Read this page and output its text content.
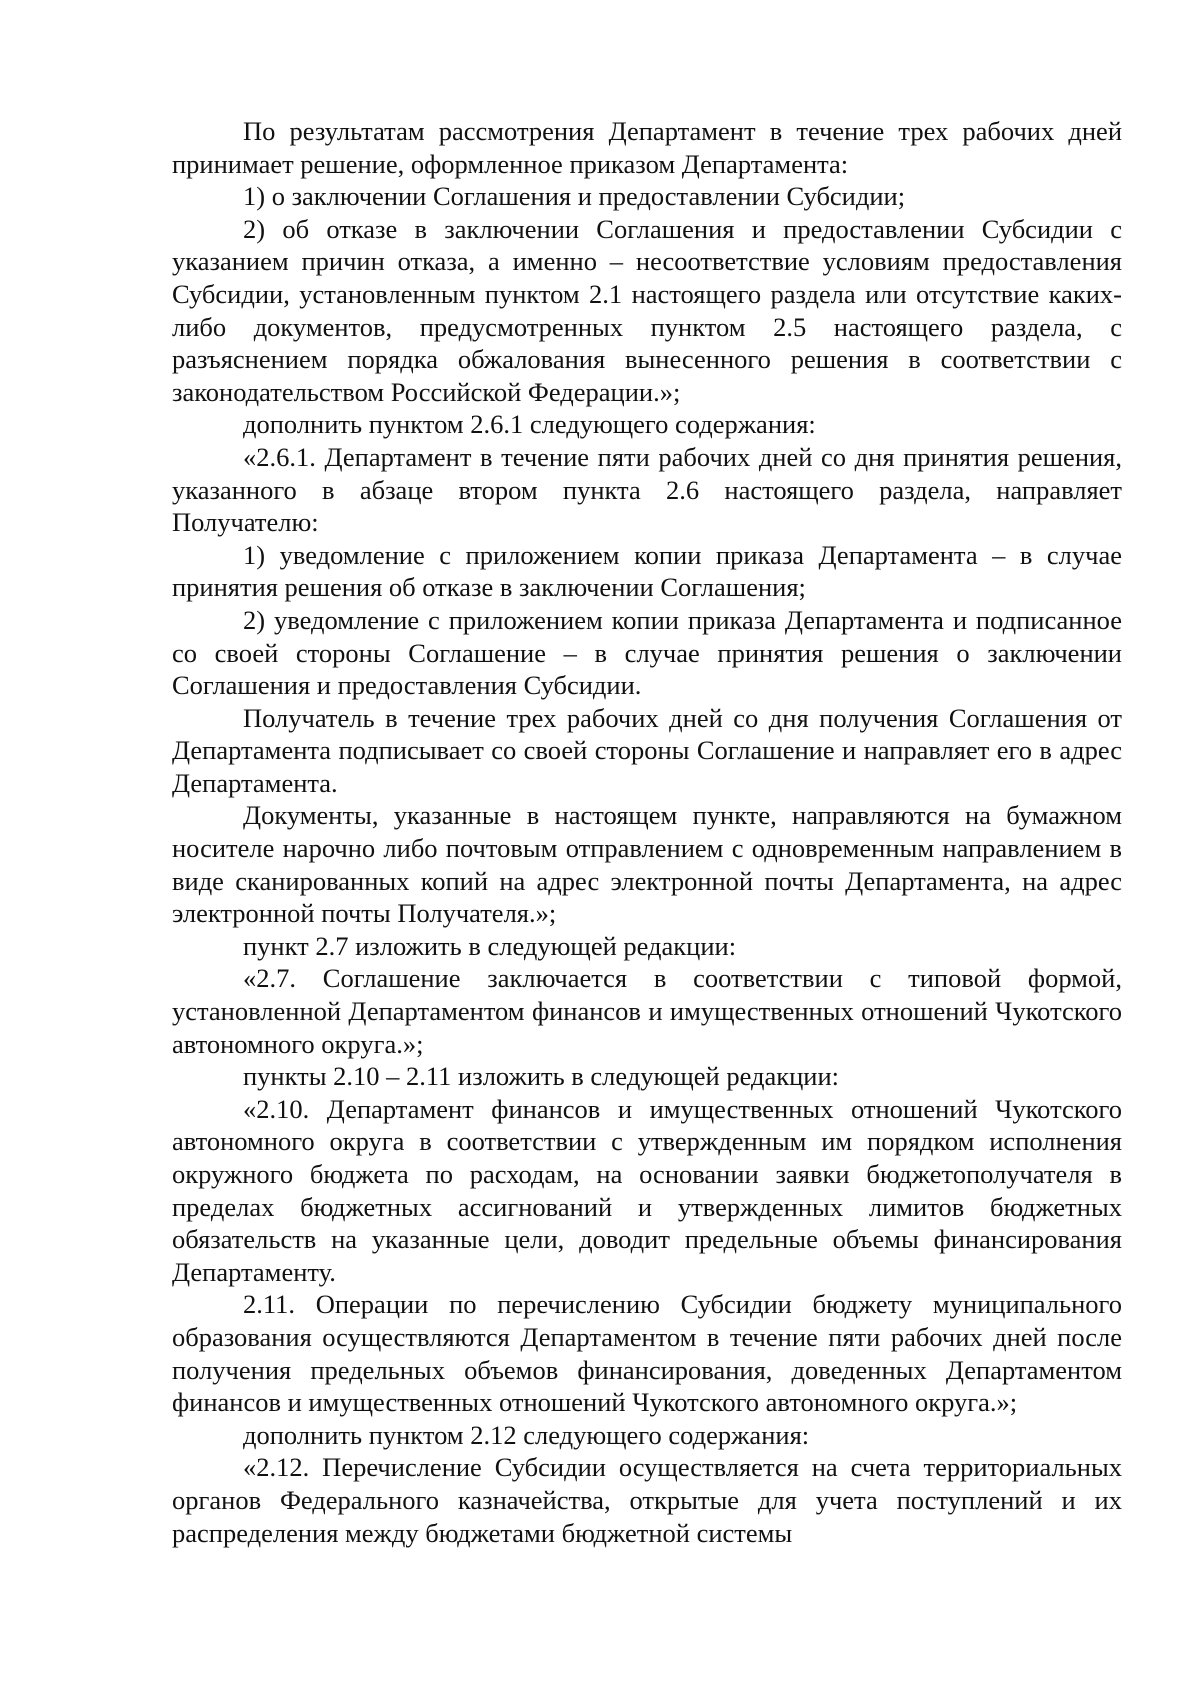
По результатам рассмотрения Департамент в течение трех рабочих дней принимает решение, оформленное приказом Департамента:

1) о заключении Соглашения и предоставлении Субсидии;

2) об отказе в заключении Соглашения и предоставлении Субсидии с указанием причин отказа, а именно – несоответствие условиям предоставления Субсидии, установленным пунктом 2.1 настоящего раздела или отсутствие каких-либо документов, предусмотренных пунктом 2.5 настоящего раздела, с разъяснением порядка обжалования вынесенного решения в соответствии с законодательством Российской Федерации.»;

дополнить пунктом 2.6.1 следующего содержания:

«2.6.1. Департамент в течение пяти рабочих дней со дня принятия решения, указанного в абзаце втором пункта 2.6 настоящего раздела, направляет Получателю:

1) уведомление с приложением копии приказа Департамента – в случае принятия решения об отказе в заключении Соглашения;

2) уведомление с приложением копии приказа Департамента и подписанное со своей стороны Соглашение – в случае принятия решения о заключении Соглашения и предоставления Субсидии.

Получатель в течение трех рабочих дней со дня получения Соглашения от Департамента подписывает со своей стороны Соглашение и направляет его в адрес Департамента.

Документы, указанные в настоящем пункте, направляются на бумажном носителе нарочно либо почтовым отправлением с одновременным направлением в виде сканированных копий на адрес электронной почты Департамента, на адрес электронной почты Получателя.»;

пункт 2.7 изложить в следующей редакции:

«2.7. Соглашение заключается в соответствии с типовой формой, установленной Департаментом финансов и имущественных отношений Чукотского автономного округа.»;

пункты 2.10 – 2.11 изложить в следующей редакции:

«2.10. Департамент финансов и имущественных отношений Чукотского автономного округа в соответствии с утвержденным им порядком исполнения окружного бюджета по расходам, на основании заявки бюджетополучателя в пределах бюджетных ассигнований и утвержденных лимитов бюджетных обязательств на указанные цели, доводит предельные объемы финансирования Департаменту.

2.11. Операции по перечислению Субсидии бюджету муниципального образования осуществляются Департаментом в течение пяти рабочих дней после получения предельных объемов финансирования, доведенных Департаментом финансов и имущественных отношений Чукотского автономного округа.»;

дополнить пунктом 2.12 следующего содержания:

«2.12. Перечисление Субсидии осуществляется на счета территориальных органов Федерального казначейства, открытые для учета поступлений и их распределения между бюджетами бюджетной системы
